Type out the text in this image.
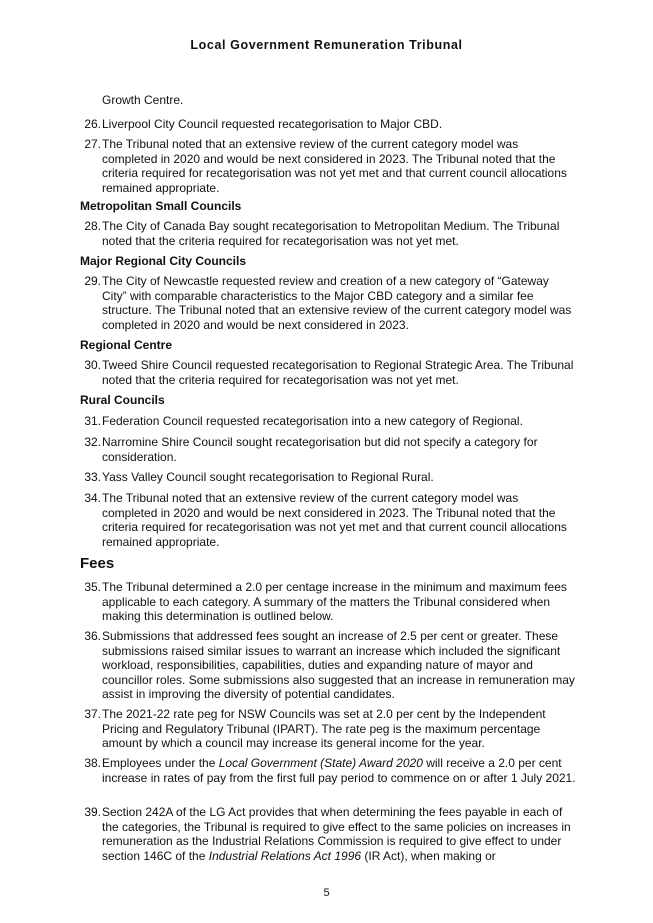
Local Government Remuneration Tribunal
Growth Centre.
26. Liverpool City Council requested recategorisation to Major CBD.
27. The Tribunal noted that an extensive review of the current category model was completed in 2020 and would be next considered in 2023. The Tribunal noted that the criteria required for recategorisation was not yet met and that current council allocations remained appropriate.
Metropolitan Small Councils
28. The City of Canada Bay sought recategorisation to Metropolitan Medium. The Tribunal noted that the criteria required for recategorisation was not yet met.
Major Regional City Councils
29. The City of Newcastle requested review and creation of a new category of “Gateway City” with comparable characteristics to the Major CBD category and a similar fee structure. The Tribunal noted that an extensive review of the current category model was completed in 2020 and would be next considered in 2023.
Regional Centre
30. Tweed Shire Council requested recategorisation to Regional Strategic Area. The Tribunal noted that the criteria required for recategorisation was not yet met.
Rural Councils
31. Federation Council requested recategorisation into a new category of Regional.
32. Narromine Shire Council sought recategorisation but did not specify a category for consideration.
33. Yass Valley Council sought recategorisation to Regional Rural.
34. The Tribunal noted that an extensive review of the current category model was completed in 2020 and would be next considered in 2023. The Tribunal noted that the criteria required for recategorisation was not yet met and that current council allocations remained appropriate.
Fees
35. The Tribunal determined a 2.0 per centage increase in the minimum and maximum fees applicable to each category. A summary of the matters the Tribunal considered when making this determination is outlined below.
36. Submissions that addressed fees sought an increase of 2.5 per cent or greater. These submissions raised similar issues to warrant an increase which included the significant workload, responsibilities, capabilities, duties and expanding nature of mayor and councillor roles. Some submissions also suggested that an increase in remuneration may assist in improving the diversity of potential candidates.
37. The 2021-22 rate peg for NSW Councils was set at 2.0 per cent by the Independent Pricing and Regulatory Tribunal (IPART). The rate peg is the maximum percentage amount by which a council may increase its general income for the year.
38. Employees under the Local Government (State) Award 2020 will receive a 2.0 per cent increase in rates of pay from the first full pay period to commence on or after 1 July 2021.
39. Section 242A of the LG Act provides that when determining the fees payable in each of the categories, the Tribunal is required to give effect to the same policies on increases in remuneration as the Industrial Relations Commission is required to give effect to under section 146C of the Industrial Relations Act 1996 (IR Act), when making or
5
